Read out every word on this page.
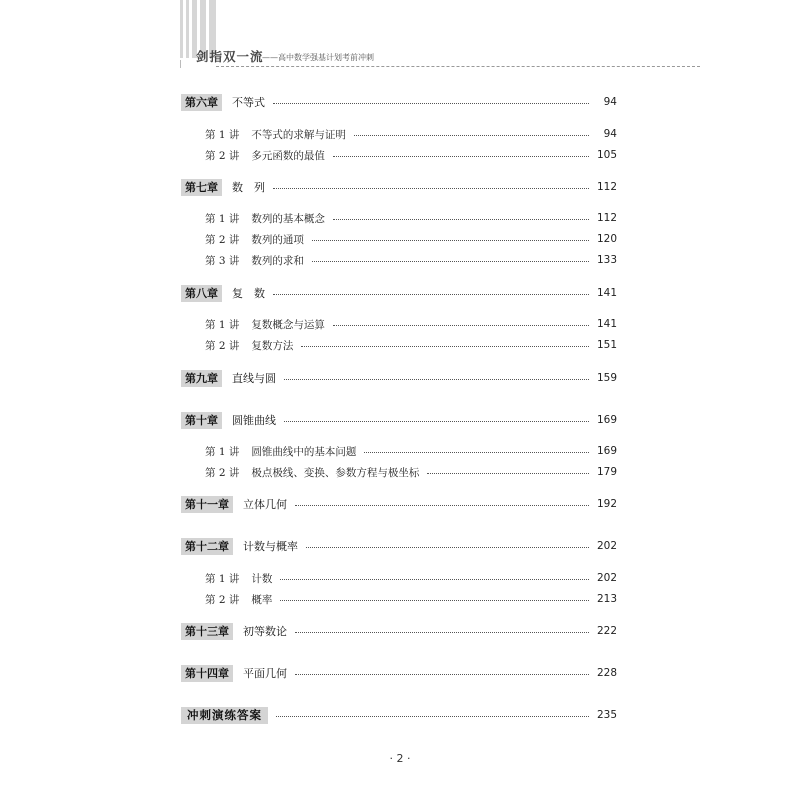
剑指双一流
——高中数学强基计划考前冲刺
第六章	不等式	94
第 1 讲 不等式的求解与证明	94
第 2 讲 多元函数的最值	105
第七章	数　列	112
第 1 讲 数列的基本概念	112
第 2 讲 数列的通项	120
第 3 讲 数列的求和	133
第八章	复　数	141
第 1 讲 复数概念与运算	141
第 2 讲 复数方法	151
第九章	直线与圆	159
第十章	圆锥曲线	169
第 1 讲 圆锥曲线中的基本问题	169
第 2 讲 极点极线、变换、参数方程与极坐标	179
第十一章	立体几何	192
第十二章	计数与概率	202
第 1 讲 计数	202
第 2 讲 概率	213
第十三章	初等数论	222
第十四章	平面几何	228
冲刺演练答案	235
· 2 ·
